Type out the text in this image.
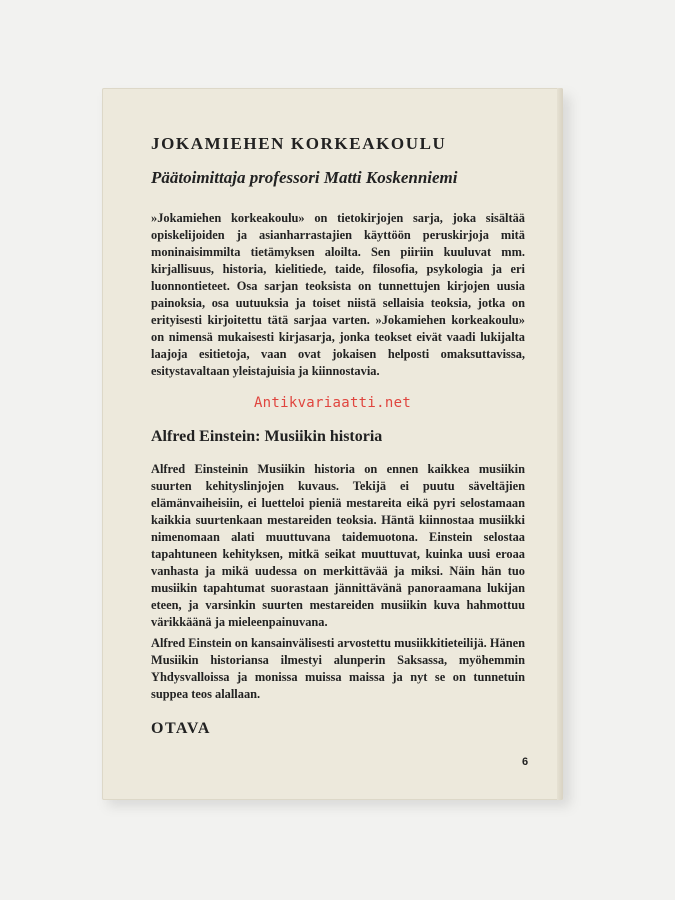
JOKAMIEHEN KORKEAKOULU
Päätoimittaja professori Matti Koskenniemi
»Jokamiehen korkeakoulu» on tietokirjojen sarja, joka sisältää opiskelijoiden ja asianharrastajien käyttöön peruskirjoja mitä moninaisimmilta tietämyksen aloilta. Sen piiriin kuuluvat mm. kirjallisuus, historia, kielitiede, taide, filosofia, psykologia ja eri luonnontieteet. Osa sarjan teoksista on tunnettujen kirjojen uusia painoksia, osa uutuuksia ja toiset niistä sellaisia teoksia, jotka on erityisesti kirjoitettu tätä sarjaa varten. »Jokamiehen korkeakoulu» on nimensä mukaisesti kirjasarja, jonka teokset eivät vaadi lukijalta laajoja esitietoja, vaan ovat jokaisen helposti omaksuttavissa, esitystavaltaan yleistajuisia ja kiinnostavia.
Antikvariaatti.net
Alfred Einstein: Musiikin historia
Alfred Einsteinin Musiikin historia on ennen kaikkea musiikin suurten kehityslinjojen kuvaus. Tekijä ei puutu säveltäjien elämänvaiheisiin, ei luetteloi pieniä mestareita eikä pyri selostamaan kaikkia suurtenkaan mestareiden teoksia. Häntä kiinnostaa musiikki nimenomaan alati muuttuvana taidemuotona. Einstein selostaa tapahtuneen kehityksen, mitkä seikat muuttuvat, kuinka uusi eroaa vanhasta ja mikä uudessa on merkittävää ja miksi. Näin hän tuo musiikin tapahtumat suorastaan jännittävänä panoraamana lukijan eteen, ja varsinkin suurten mestareiden musiikin kuva hahmottuu värikkäänä ja mieleenpainuvana.
Alfred Einstein on kansainvälisesti arvostettu musiikkitieteilijä. Hänen Musiikin historiansa ilmestyi alunperin Saksassa, myöhemmin Yhdysvalloissa ja monissa muissa maissa ja nyt se on tunnetuin suppea teos alallaan.
OTAVA
6
